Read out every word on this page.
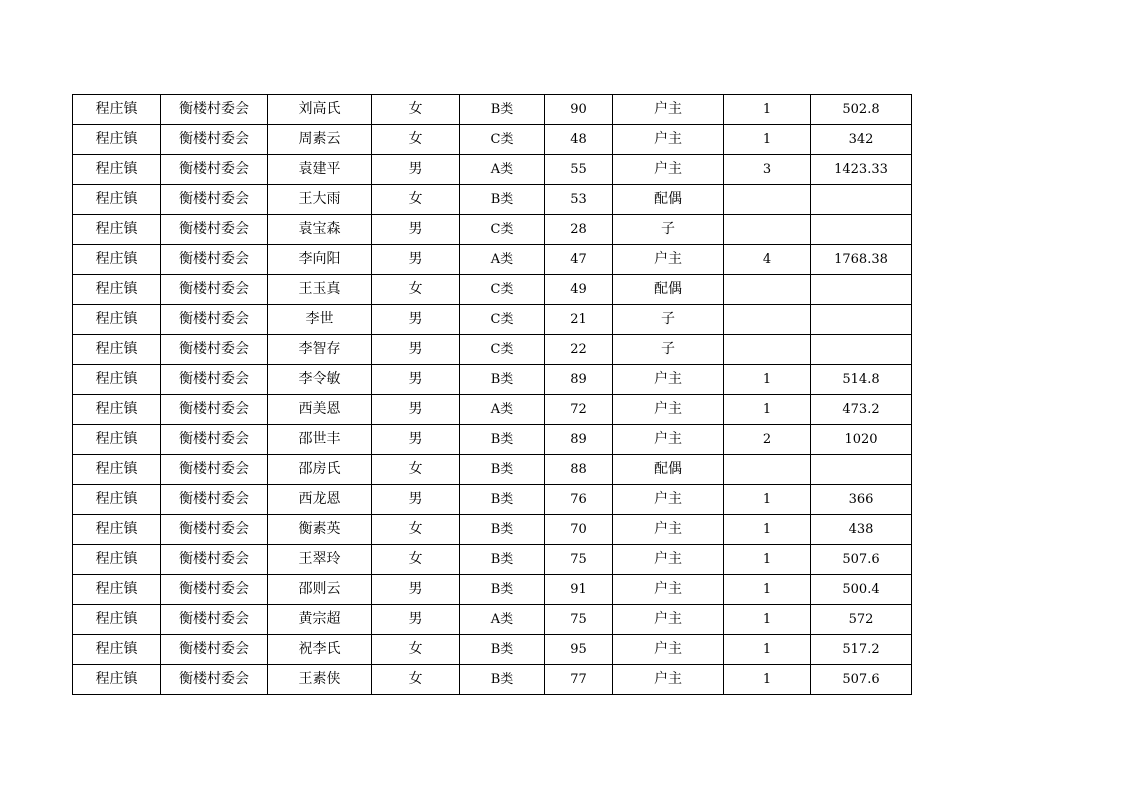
程庄镇	衡楼村委会	刘高氏	女	B类	90	户主	1	502.8
程庄镇	衡楼村委会	周素云	女	C类	48	户主	1	342
程庄镇	衡楼村委会	袁建平	男	A类	55	户主	3	1423.33
程庄镇	衡楼村委会	王大雨	女	B类	53	配偶		
程庄镇	衡楼村委会	袁宝森	男	C类	28	子		
程庄镇	衡楼村委会	李向阳	男	A类	47	户主	4	1768.38
程庄镇	衡楼村委会	王玉真	女	C类	49	配偶		
程庄镇	衡楼村委会	李世	男	C类	21	子		
程庄镇	衡楼村委会	李智存	男	C类	22	子		
程庄镇	衡楼村委会	李令敏	男	B类	89	户主	1	514.8
程庄镇	衡楼村委会	西美恩	男	A类	72	户主	1	473.2
程庄镇	衡楼村委会	邵世丰	男	B类	89	户主	2	1020
程庄镇	衡楼村委会	邵房氏	女	B类	88	配偶		
程庄镇	衡楼村委会	西龙恩	男	B类	76	户主	1	366
程庄镇	衡楼村委会	衡素英	女	B类	70	户主	1	438
程庄镇	衡楼村委会	王翠玲	女	B类	75	户主	1	507.6
程庄镇	衡楼村委会	邵则云	男	B类	91	户主	1	500.4
程庄镇	衡楼村委会	黄宗超	男	A类	75	户主	1	572
程庄镇	衡楼村委会	祝李氏	女	B类	95	户主	1	517.2
程庄镇	衡楼村委会	王素侠	女	B类	77	户主	1	507.6
